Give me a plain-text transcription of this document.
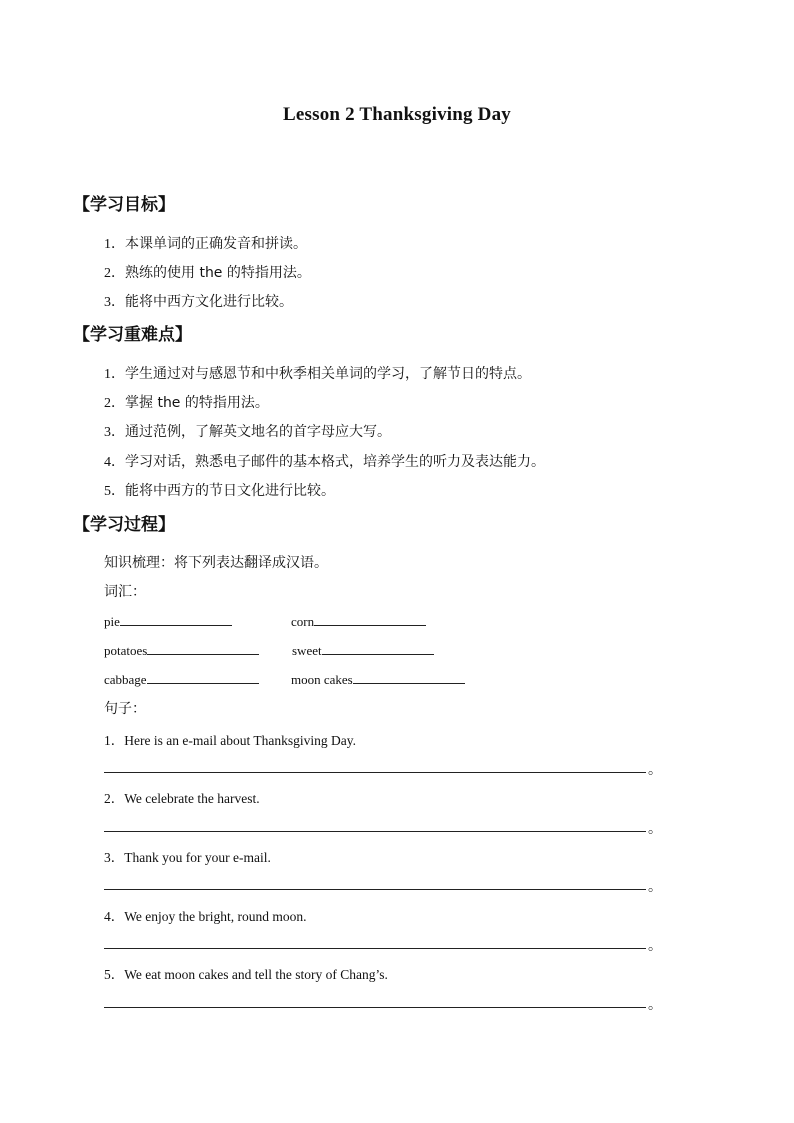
Lesson 2 Thanksgiving Day
【学习目标】
1．本课单词的正确发音和拼读。
2．熟练的使用 the 的特指用法。
3．能将中西方文化进行比较。
【学习重难点】
1．学生通过对与感恩节和中秋季相关单词的学习，了解节日的特点。
2．掌握 the 的特指用法。
3．通过范例，了解英文地名的首字母应大写。
4．学习对话，熟悉电子邮件的基本格式，培养学生的听力及表达能力。
5．能将中西方的节日文化进行比较。
【学习过程】
知识梳理：将下列表达翻译成汉语。
词汇：
pie	corn
potatoes	sweet
cabbage	moon cakes
句子：
1．Here is an e-mail about Thanksgiving Day.
。
2．We celebrate the harvest.
。
3．Thank you for your e-mail.
。
4．We enjoy the bright, round moon.
。
5．We eat moon cakes and tell the story of Chang’s.
。
